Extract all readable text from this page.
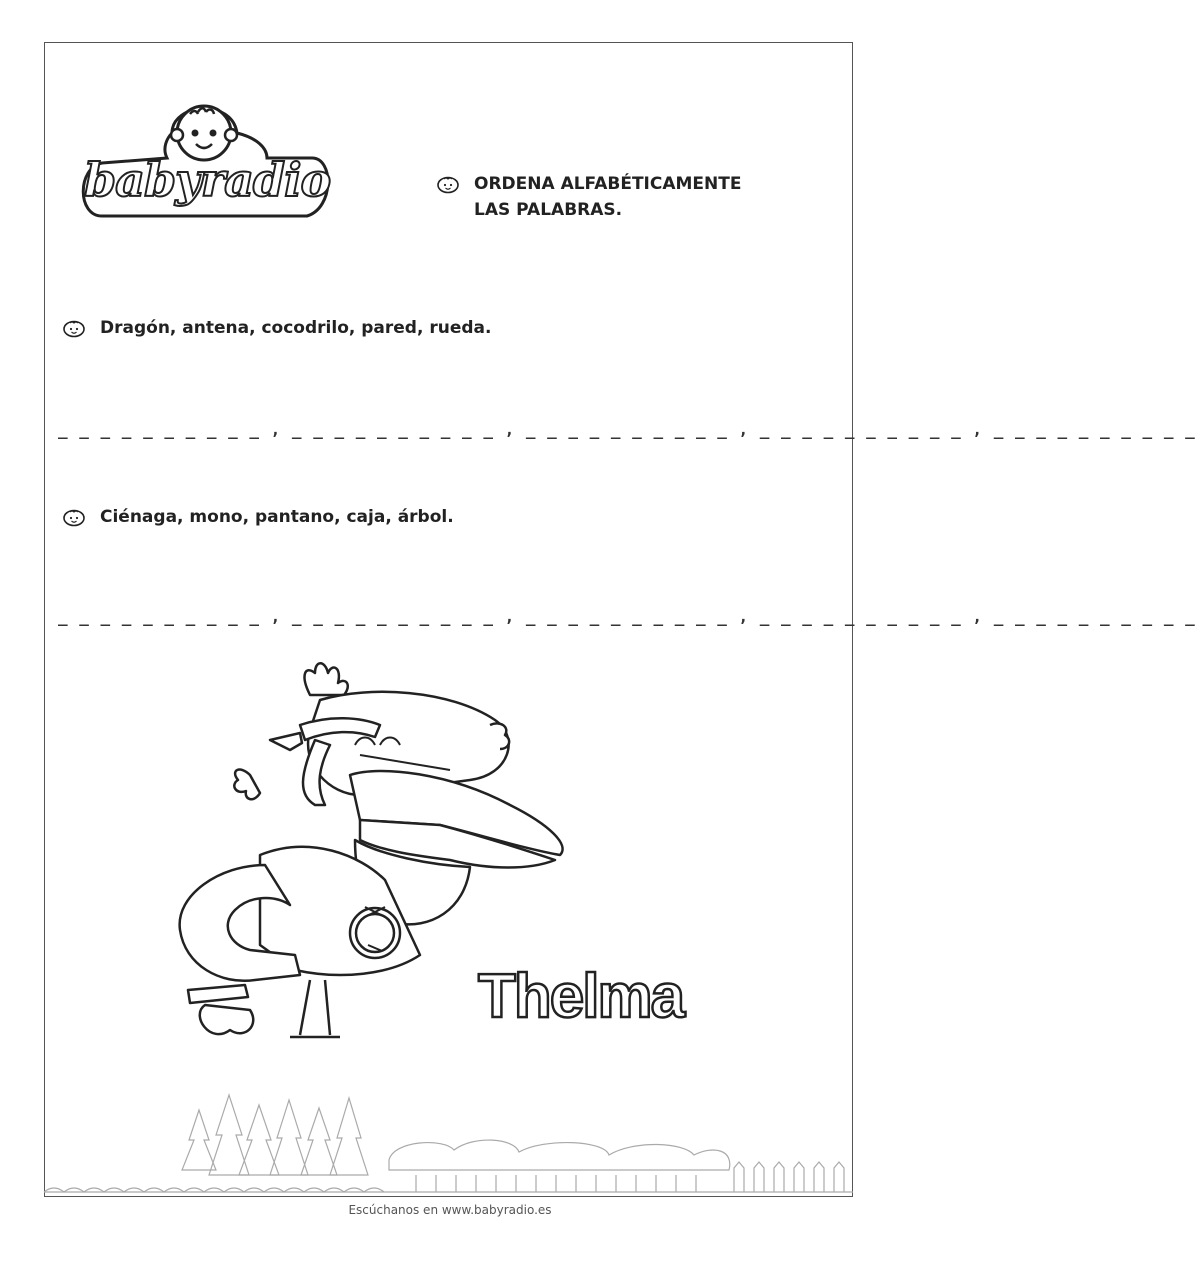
babyradio	ORDENA ALFABÉTICAMENTE
LAS PALABRAS.
Dragón, antena, cocodrilo, pared, rueda.
_ _ _ _ _ _ _ _ _ _ , _ _ _ _ _ _ _ _ _ _ , _ _ _ _ _ _ _ _ _ _ , _ _ _ _ _ _ _ _ _ _ , _ _ _ _ _ _ _ _ _ _
Ciénaga, mono, pantano, caja, árbol.
_ _ _ _ _ _ _ _ _ _ , _ _ _ _ _ _ _ _ _ _ , _ _ _ _ _ _ _ _ _ _ , _ _ _ _ _ _ _ _ _ _ , _ _ _ _ _ _ _ _ _ _
Thelma
Escúchanos en www.babyradio.es
